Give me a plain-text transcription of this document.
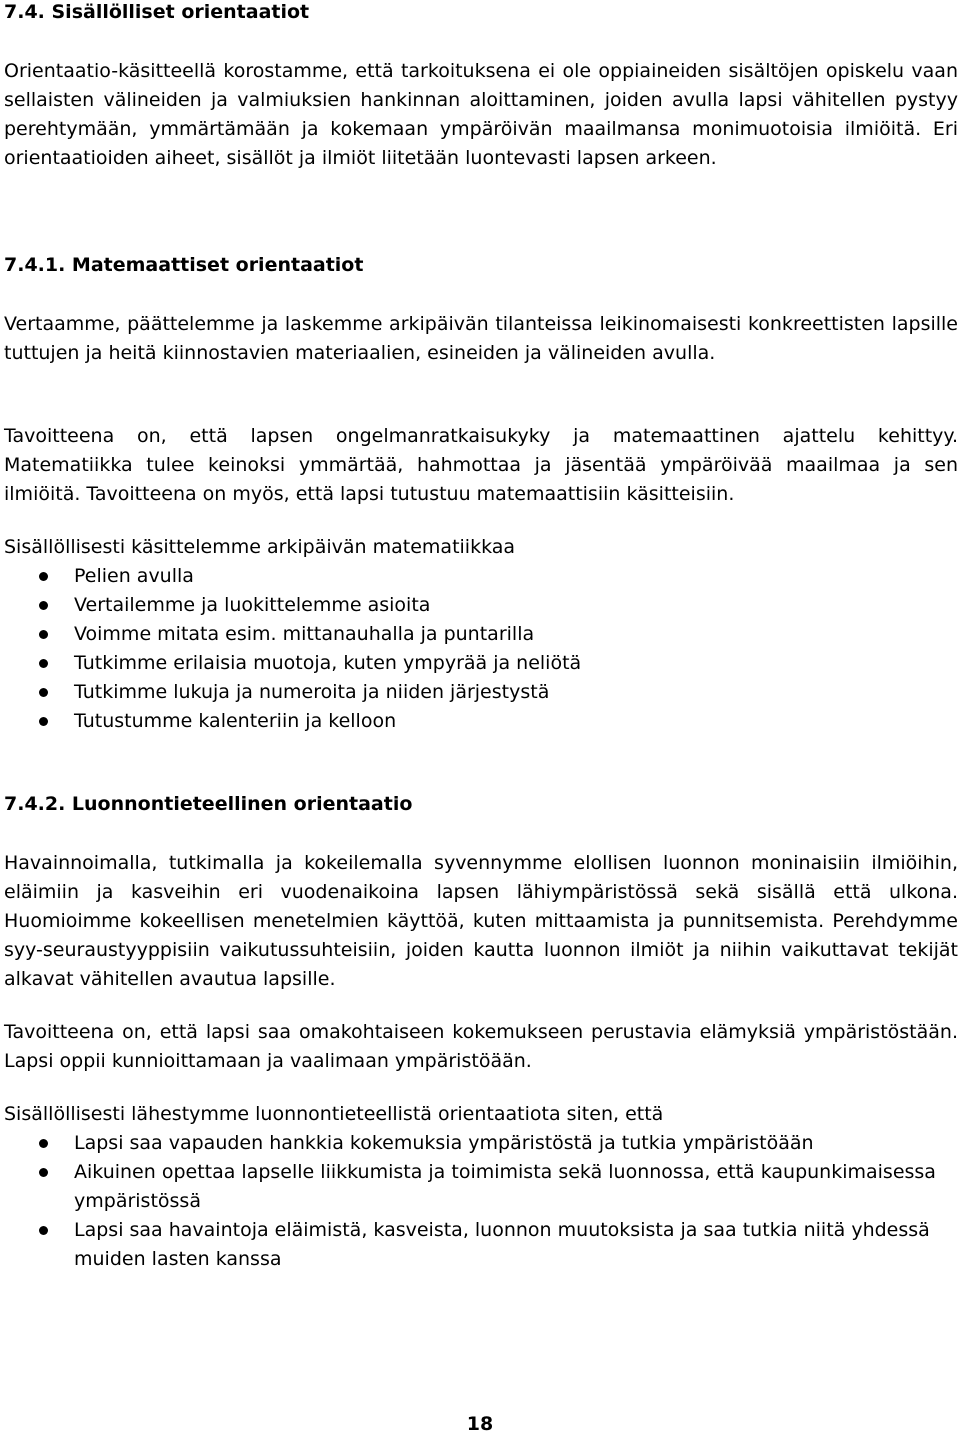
7.4. Sisällölliset orientaatiot

Orientaatio-käsitteellä korostamme, että tarkoituksena ei ole oppiaineiden sisältöjen opiskelu vaan sellaisten välineiden ja valmiuksien hankinnan aloittaminen, joiden avulla lapsi vähitellen pystyy perehtymään, ymmärtämään ja kokemaan ympäröivän maailmansa monimuotoisia ilmiöitä. Eri orientaatioiden aiheet, sisällöt ja ilmiöt liitetään luontevasti lapsen arkeen.

7.4.1. Matemaattiset orientaatiot

Vertaamme, päättelemme ja laskemme arkipäivän tilanteissa leikinomaisesti konkreettisten lapsille tuttujen ja heitä kiinnostavien materiaalien, esineiden ja välineiden avulla.

Tavoitteena on, että lapsen ongelmanratkaisukyky ja matemaattinen ajattelu kehittyy. Matematiikka tulee keinoksi ymmärtää, hahmottaa ja jäsentää ympäröivää maailmaa ja sen ilmiöitä. Tavoitteena on myös, että lapsi tutustuu matemaattisiin käsitteisiin.

Sisällöllisesti käsittelemme arkipäivän matematiikkaa

Pelien avulla
Vertailemme ja luokittelemme asioita
Voimme mitata esim. mittanauhalla ja puntarilla
Tutkimme erilaisia muotoja, kuten ympyrää ja neliötä
Tutkimme lukuja ja numeroita ja niiden järjestystä
Tutustumme kalenteriin ja kelloon
7.4.2. Luonnontieteellinen orientaatio

Havainnoimalla, tutkimalla ja kokeilemalla syvennymme elollisen luonnon moninaisiin ilmiöihin, eläimiin ja kasveihin eri vuodenaikoina lapsen lähiympäristössä sekä sisällä että ulkona. Huomioimme kokeellisen menetelmien käyttöä, kuten mittaamista ja punnitsemista. Perehdymme syy-seuraustyyppisiin vaikutussuhteisiin, joiden kautta luonnon ilmiöt ja niihin vaikuttavat tekijät alkavat vähitellen avautua lapsille.

Tavoitteena on, että lapsi saa omakohtaiseen kokemukseen perustavia elämyksiä ympäristöstään. Lapsi oppii kunnioittamaan ja vaalimaan ympäristöään.

Sisällöllisesti lähestymme luonnontieteellistä orientaatiota siten, että

Lapsi saa vapauden hankkia kokemuksia ympäristöstä ja tutkia ympäristöään
Aikuinen opettaa lapselle liikkumista ja toimimista sekä luonnossa, että kaupunkimaisessa ympäristössä
Lapsi saa havaintoja eläimistä, kasveista, luonnon muutoksista ja saa tutkia niitä yhdessä muiden lasten kanssa
18
